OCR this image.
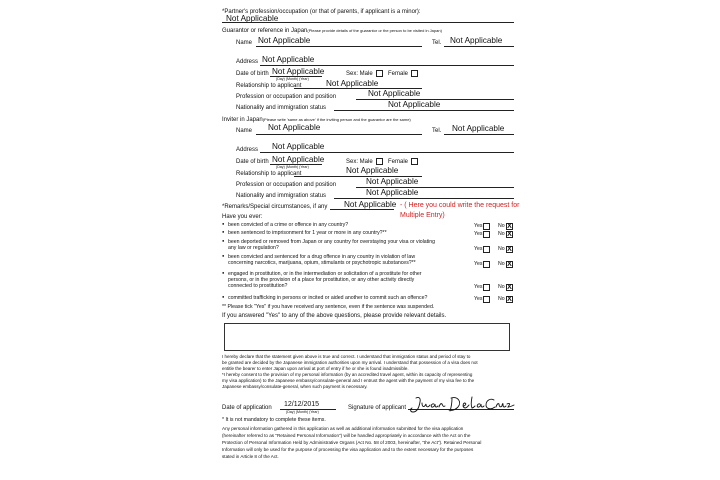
*Partner's profession/occupation (or that of parents, if applicant is a minor):
Not Applicable
Guarantor or reference in Japan(Please provide details of the guarantor or the person to be visited in Japan)
Name Not Applicable	Tel. Not Applicable
Address Not Applicable
Date of birth Not Applicable
(Day) (Month) (Year)
Sex: Male	Female
Relationship to applicant	Not Applicable
Profession or occupation and position	Not Applicable
Nationality and immigration status	Not Applicable
Inviter in Japan(Please write 'same as above' if the inviting person and the guarantor are the same)
Name Not Applicable	Tel. Not Applicable
Address Not Applicable
Date of birth Not Applicable
(Day) (Month) (Year)
Sex: Male	Female
Relationship to applicant	Not Applicable
Profession or occupation and position	Not Applicable
Nationality and immigration status	Not Applicable
*Remarks/Special circumstances, if any Not Applicable - ( Here you could write the request for
Multiple Entry)
Have you ever:
● been convicted of a crime or offence in any country?	Yes	No X
● been sentenced to imprisonment for 1 year or more in any country?**	Yes	No X
● been deported or removed from Japan or any country for overstaying your visa or violating
any law or regulation?	Yes	No X
● been convicted and sentenced for a drug offence in any country in violation of law
concerning narcotics, marijuana, opium, stimulants or psychotropic substances?**	Yes	No X
● engaged in prostitution, or in the intermediation or solicitation of a prostitute for other
persons, or in the provision of a place for prostitution, or any other activity directly
connected to prostitution?	Yes	No X
● committed trafficking in persons or incited or aided another to commit such an offence?	Yes	No X
** Please tick "Yes" if you have received any sentence, even if the sentence was suspended.
If you answered "Yes" to any of the above questions, please provide relevant details.
I hereby declare that the statement given above is true and correct. I understand that immigration status and period of stay to
be granted are decided by the Japanese immigration authorities upon my arrival. I understand that possession of a visa does not
entitle the bearer to enter Japan upon arrival at port of entry if he or she is found inadmissible.
*I hereby consent to the provision of my personal information (by an accredited travel agent, within its capacity of representing
my visa application) to the Japanese embassy/consulate-general and I entrust the agent with the payment of my visa fee to the
Japanese embassy/consulate-general, when such payment is necessary.
Date of application 12/12/2015
(Day) (Month) (Year)
Signature of applicant
* It is not mandatory to complete these items.
Any personal information gathered in this application as well as additional information submitted for the visa application
(hereinafter referred to as "Retained Personal Information") will be handled appropriately in accordance with the Act on the
Protection of Personal Information Held by Administrative Organs (Act No. 58 of 2003, hereinafter, "the Act"). Retained Personal
Information will only be used for the purpose of processing the visa application and to the extent necessary for the purposes
stated in Article 8 of the Act.
